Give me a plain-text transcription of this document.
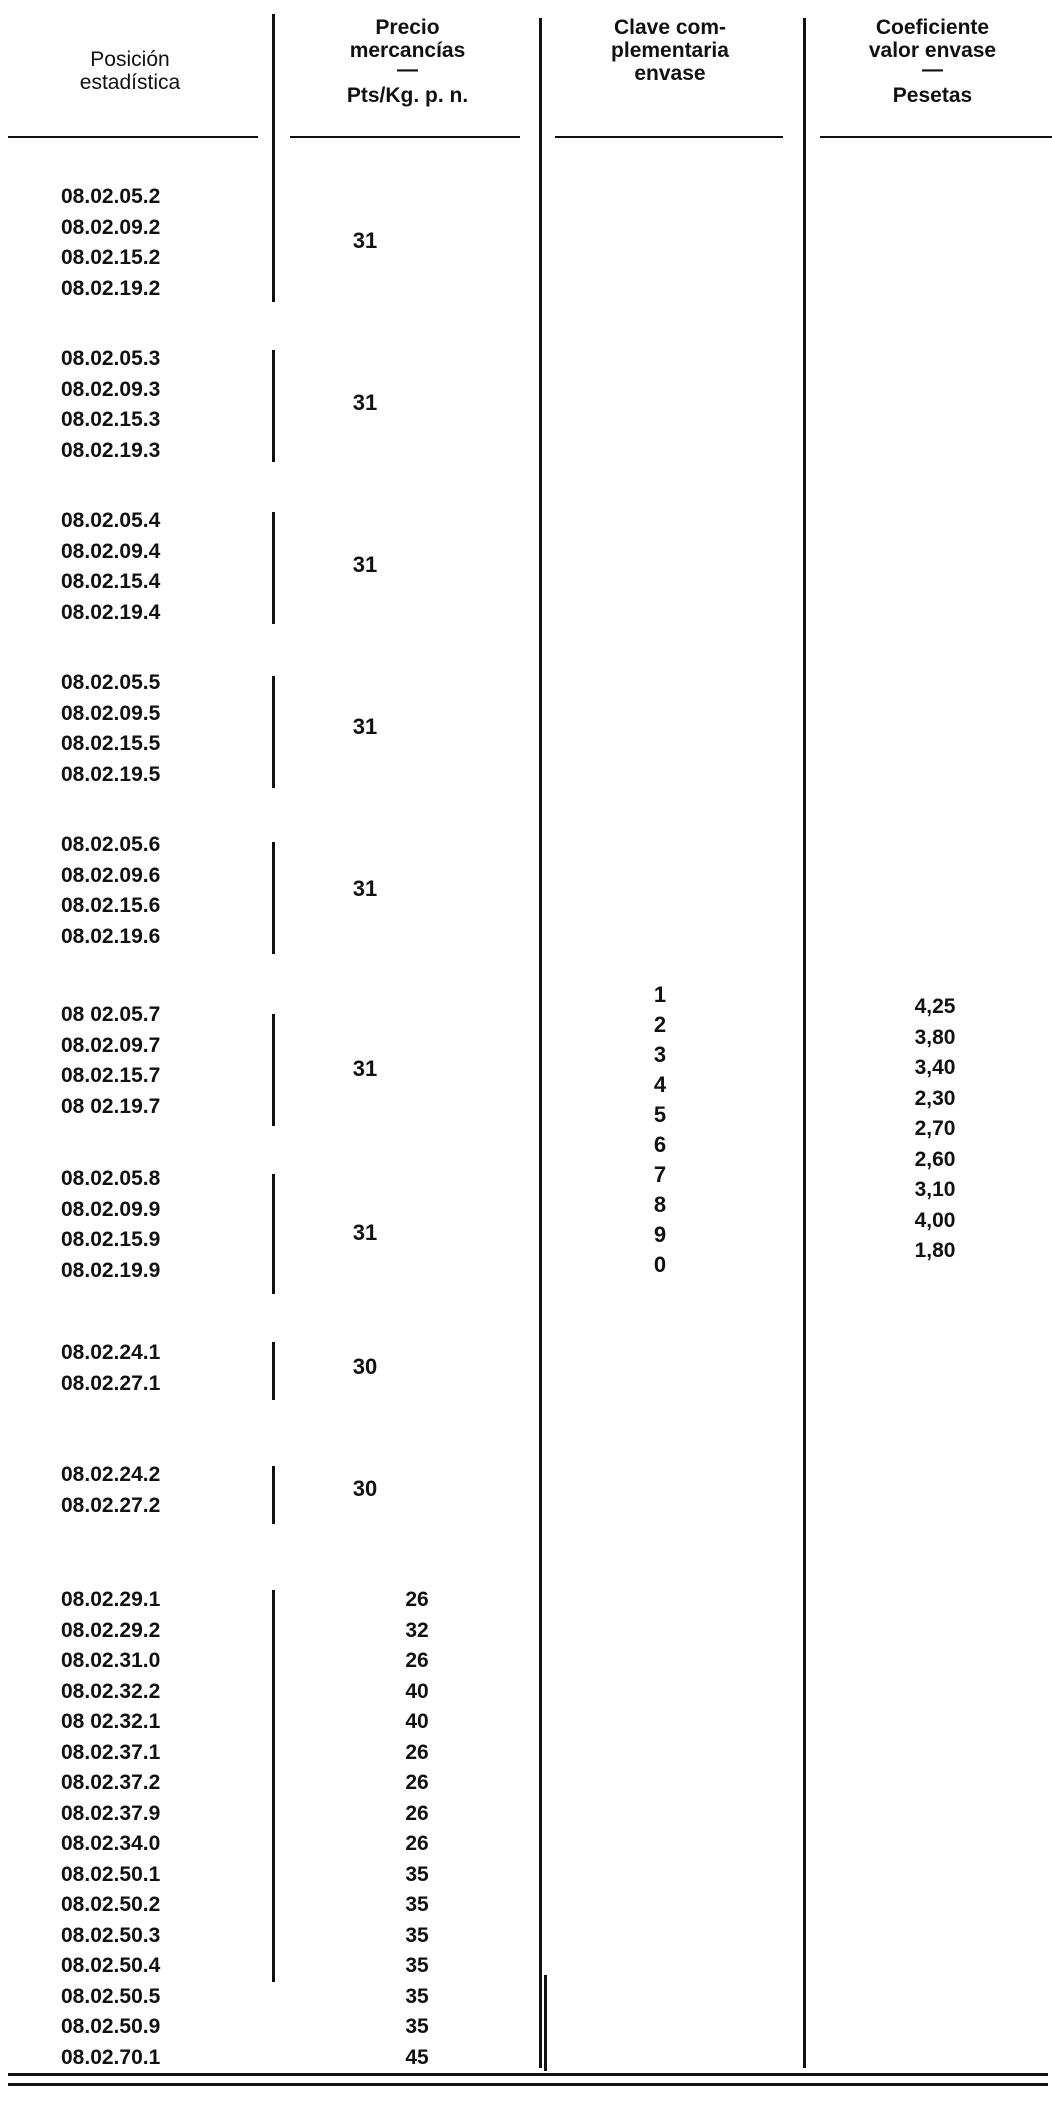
Posición
estadística
Precio
mercancías
—
Pts/Kg. p. n.
Clave com-
plementaria
envase
Coeficiente
valor envase
—
Pesetas
08.02.05.2
08.02.09.2
08.02.15.2
08.02.19.2
31
08.02.05.3
08.02.09.3
08.02.15.3
08.02.19.3
31
08.02.05.4
08.02.09.4
08.02.15.4
08.02.19.4
31
08.02.05.5
08.02.09.5
08.02.15.5
08.02.19.5
31
08.02.05.6
08.02.09.6
08.02.15.6
08.02.19.6
31
08 02.05.7
08.02.09.7
08.02.15.7
08 02.19.7
31
08.02.05.8
08.02.09.9
08.02.15.9
08.02.19.9
31
08.02.24.1
08.02.27.1
30
08.02.24.2
08.02.27.2
30
08.02.29.1
08.02.29.2
08.02.31.0
08.02.32.2
08 02.32.1
08.02.37.1
08.02.37.2
08.02.37.9
08.02.34.0
08.02.50.1
08.02.50.2
08.02.50.3
08.02.50.4
08.02.50.5
08.02.50.9
08.02.70.1
26
32
26
40
40
26
26
26
26
35
35
35
35
35
35
45
1
2
3
4
5
6
7
8
9
0
4,25
3,80
3,40
2,30
2,70
2,60
3,10
4,00
1,80
